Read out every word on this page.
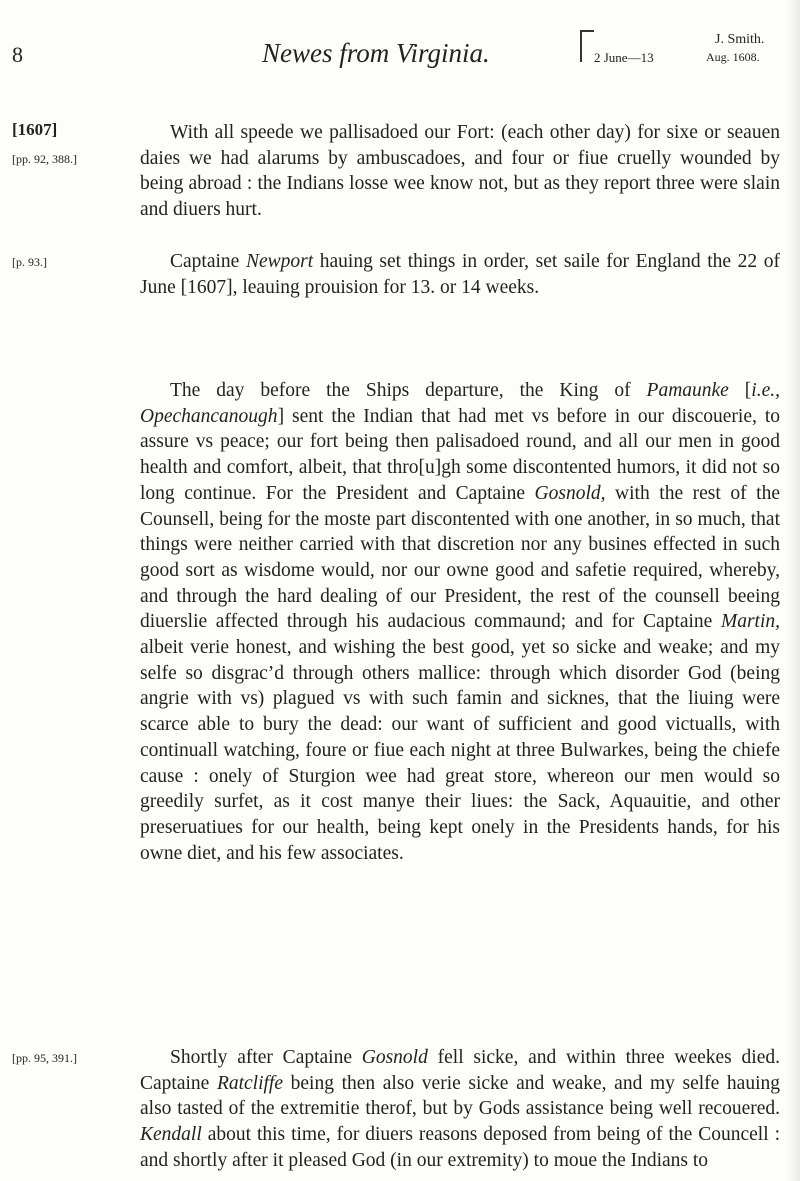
8	Newes from Virginia.	2 June—13
J. Smith.
Aug. 1608.
[1607]
[pp. 92, 388.]
[p. 93.]
[pp. 95, 391.]

With all speede we pallisadoed our Fort: (each other day) for sixe or seauen daies we had alarums by ambuscadoes, and four or fiue cruelly wounded by being abroad : the Indians losse wee know not, but as they report three were slain and diuers hurt.

Captaine Newport hauing set things in order, set saile for England the 22 of June [1607], leauing prouision for 13. or 14 weeks.

The day before the Ships departure, the King of Pamaunke [i.e., Opechancanough] sent the Indian that had met vs before in our discouerie, to assure vs peace; our fort being then palisadoed round, and all our men in good health and comfort, albeit, that thro[u]gh some discontented humors, it did not so long continue. For the President and Captaine Gosnold, with the rest of the Counsell, being for the moste part discontented with one another, in so much, that things were neither carried with that discretion nor any busines effected in such good sort as wisdome would, nor our owne good and safetie required, whereby, and through the hard dealing of our President, the rest of the counsell beeing diuerslie affected through his audacious commaund; and for Captaine Martin, albeit verie honest, and wishing the best good, yet so sicke and weake; and my selfe so disgrac’d through others mallice: through which disorder God (being angrie with vs) plagued vs with such famin and sicknes, that the liuing were scarce able to bury the dead: our want of sufficient and good victualls, with continuall watching, foure or fiue each night at three Bulwarkes, being the chiefe cause : onely of Sturgion wee had great store, whereon our men would so greedily surfet, as it cost manye their liues: the Sack, Aquauitie, and other preseruatiues for our health, being kept onely in the Presidents hands, for his owne diet, and his few associates.

Shortly after Captaine Gosnold fell sicke, and within three weekes died. Captaine Ratcliffe being then also verie sicke and weake, and my selfe hauing also tasted of the extremitie therof, but by Gods assistance being well recouered. Kendall about this time, for diuers reasons deposed from being of the Councell : and shortly after it pleased God (in our extremity) to moue the Indians to
